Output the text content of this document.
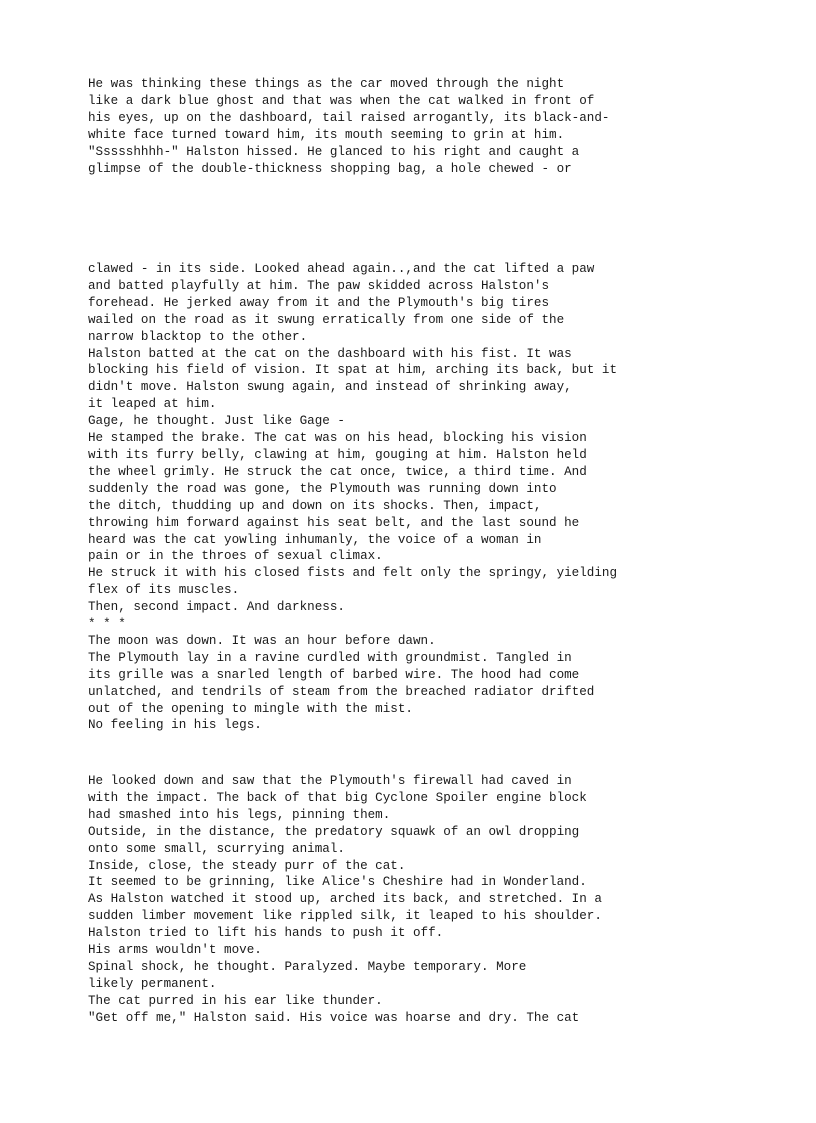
He was thinking these things as the car moved through the night
like a dark blue ghost and that was when the cat walked in front of
his eyes, up on the dashboard, tail raised arrogantly, its black-and-
white face turned toward him, its mouth seeming to grin at him.
"Ssssshhhh-" Halston hissed. He glanced to his right and caught a
glimpse of the double-thickness shopping bag, a hole chewed - or
clawed - in its side. Looked ahead again..,and the cat lifted a paw
and batted playfully at him. The paw skidded across Halston's
forehead. He jerked away from it and the Plymouth's big tires
wailed on the road as it swung erratically from one side of the
narrow blacktop to the other.
Halston batted at the cat on the dashboard with his fist. It was
blocking his field of vision. It spat at him, arching its back, but it
didn't move. Halston swung again, and instead of shrinking away,
it leaped at him.
Gage, he thought. Just like Gage -
He stamped the brake. The cat was on his head, blocking his vision
with its furry belly, clawing at him, gouging at him. Halston held
the wheel grimly. He struck the cat once, twice, a third time. And
suddenly the road was gone, the Plymouth was running down into
the ditch, thudding up and down on its shocks. Then, impact,
throwing him forward against his seat belt, and the last sound he
heard was the cat yowling inhumanly, the voice of a woman in
pain or in the throes of sexual climax.
He struck it with his closed fists and felt only the springy, yielding
flex of its muscles.
Then, second impact. And darkness.
* * *
The moon was down. It was an hour before dawn.
The Plymouth lay in a ravine curdled with groundmist. Tangled in
its grille was a snarled length of barbed wire. The hood had come
unlatched, and tendrils of steam from the breached radiator drifted
out of the opening to mingle with the mist.
No feeling in his legs.
He looked down and saw that the Plymouth's firewall had caved in
with the impact. The back of that big Cyclone Spoiler engine block
had smashed into his legs, pinning them.
Outside, in the distance, the predatory squawk of an owl dropping
onto some small, scurrying animal.
Inside, close, the steady purr of the cat.
It seemed to be grinning, like Alice's Cheshire had in Wonderland.
As Halston watched it stood up, arched its back, and stretched. In a
sudden limber movement like rippled silk, it leaped to his shoulder.
Halston tried to lift his hands to push it off.
His arms wouldn't move.
Spinal shock, he thought. Paralyzed. Maybe temporary. More
likely permanent.
The cat purred in his ear like thunder.
"Get off me," Halston said. His voice was hoarse and dry. The cat
